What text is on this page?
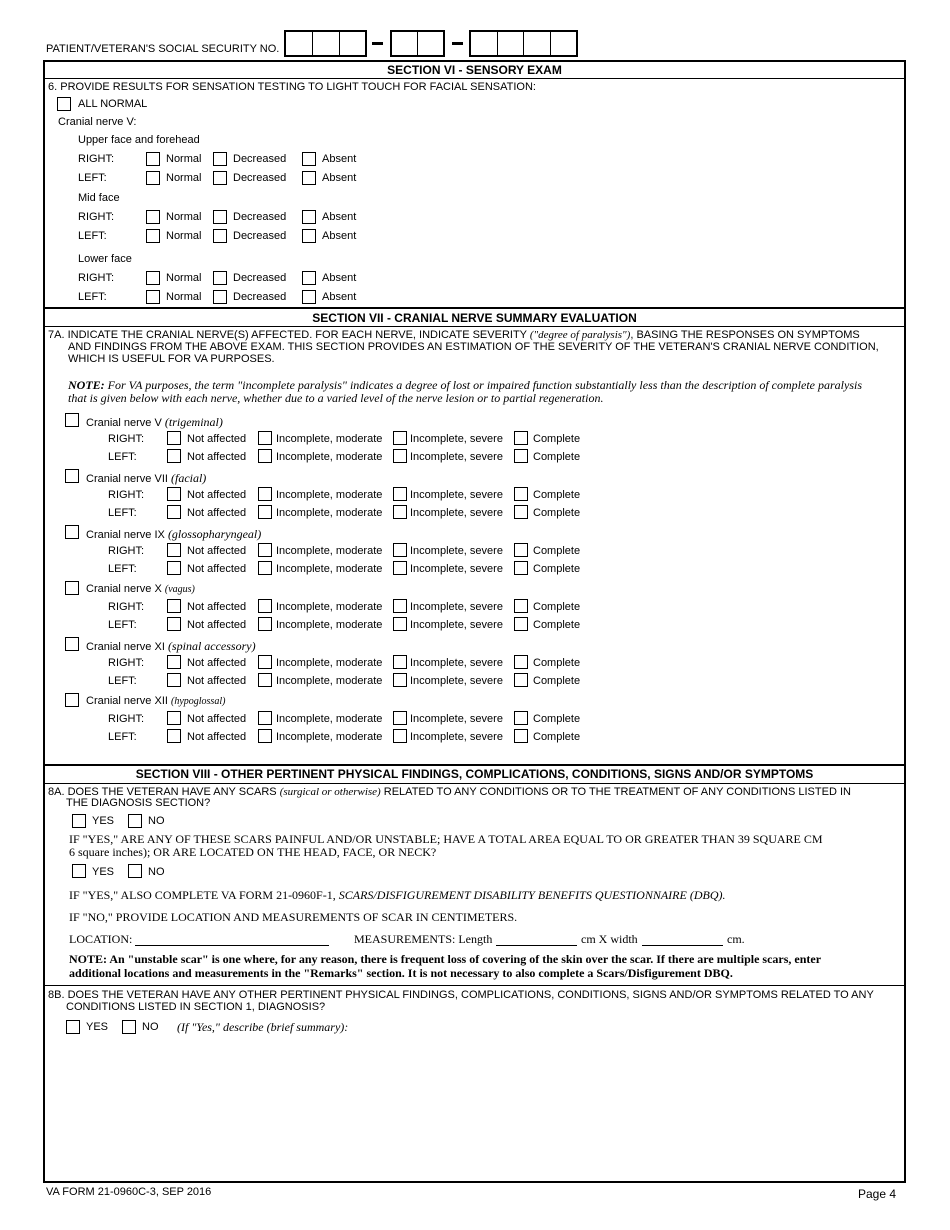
PATIENT/VETERAN'S SOCIAL SECURITY NO.
SECTION VI - SENSORY EXAM
6. PROVIDE RESULTS FOR SENSATION TESTING TO LIGHT TOUCH FOR FACIAL SENSATION:
ALL NORMAL
Cranial nerve V:
Upper face and forehead
RIGHT:	Normal	Decreased	Absent
LEFT:	Normal	Decreased	Absent
Mid face
RIGHT:	Normal	Decreased	Absent
LEFT:	Normal	Decreased	Absent
Lower face
RIGHT:	Normal	Decreased	Absent
LEFT:	Normal	Decreased	Absent
SECTION VII - CRANIAL NERVE SUMMARY EVALUATION
7A. INDICATE THE CRANIAL NERVE(S) AFFECTED. FOR EACH NERVE, INDICATE SEVERITY ("degree of paralysis"), BASING THE RESPONSES ON SYMPTOMS
AND FINDINGS FROM THE ABOVE EXAM. THIS SECTION PROVIDES AN ESTIMATION OF THE SEVERITY OF THE VETERAN'S CRANIAL NERVE CONDITION,
WHICH IS USEFUL FOR VA PURPOSES.
NOTE: For VA purposes, the term "incomplete paralysis" indicates a degree of lost or impaired function substantially less than the description of complete paralysis
that is given below with each nerve, whether due to a varied level of the nerve lesion or to partial regeneration.
Cranial nerve V (trigeminal)
RIGHT:	Not affected	Incomplete, moderate	Incomplete, severe	Complete
LEFT:	Not affected	Incomplete, moderate	Incomplete, severe	Complete
Cranial nerve VII (facial)
RIGHT:	Not affected	Incomplete, moderate	Incomplete, severe	Complete
LEFT:	Not affected	Incomplete, moderate	Incomplete, severe	Complete
Cranial nerve IX (glossopharyngeal)
RIGHT:	Not affected	Incomplete, moderate	Incomplete, severe	Complete
LEFT:	Not affected	Incomplete, moderate	Incomplete, severe	Complete
Cranial nerve X (vagus)
RIGHT:	Not affected	Incomplete, moderate	Incomplete, severe	Complete
LEFT:	Not affected	Incomplete, moderate	Incomplete, severe	Complete
Cranial nerve XI (spinal accessory)
RIGHT:	Not affected	Incomplete, moderate	Incomplete, severe	Complete
LEFT:	Not affected	Incomplete, moderate	Incomplete, severe	Complete
Cranial nerve XII (hypoglossal)
RIGHT:	Not affected	Incomplete, moderate	Incomplete, severe	Complete
LEFT:	Not affected	Incomplete, moderate	Incomplete, severe	Complete
SECTION VIII - OTHER PERTINENT PHYSICAL FINDINGS, COMPLICATIONS, CONDITIONS, SIGNS AND/OR SYMPTOMS
8A. DOES THE VETERAN HAVE ANY SCARS (surgical or otherwise) RELATED TO ANY CONDITIONS OR TO THE TREATMENT OF ANY CONDITIONS LISTED IN
THE DIAGNOSIS SECTION?
YES	NO
IF "YES," ARE ANY OF THESE SCARS PAINFUL AND/OR UNSTABLE; HAVE A TOTAL AREA EQUAL TO OR GREATER THAN 39 SQUARE CM
6 square inches); OR ARE LOCATED ON THE HEAD, FACE, OR NECK?
YES	NO
IF "YES," ALSO COMPLETE VA FORM 21-0960F-1, SCARS/DISFIGUREMENT DISABILITY BENEFITS QUESTIONNAIRE (DBQ).
IF "NO," PROVIDE LOCATION AND MEASUREMENTS OF SCAR IN CENTIMETERS.
LOCATION:	MEASUREMENTS: Length	cm X width	cm.
NOTE: An "unstable scar" is one where, for any reason, there is frequent loss of covering of the skin over the scar. If there are multiple scars, enter
additional locations and measurements in the "Remarks" section. It is not necessary to also complete a Scars/Disfigurement DBQ.
8B. DOES THE VETERAN HAVE ANY OTHER PERTINENT PHYSICAL FINDINGS, COMPLICATIONS, CONDITIONS, SIGNS AND/OR SYMPTOMS RELATED TO ANY
CONDITIONS LISTED IN SECTION 1, DIAGNOSIS?
YES	NO (If "Yes," describe (brief summary):
VA FORM 21-0960C-3, SEP 2016	Page 4
